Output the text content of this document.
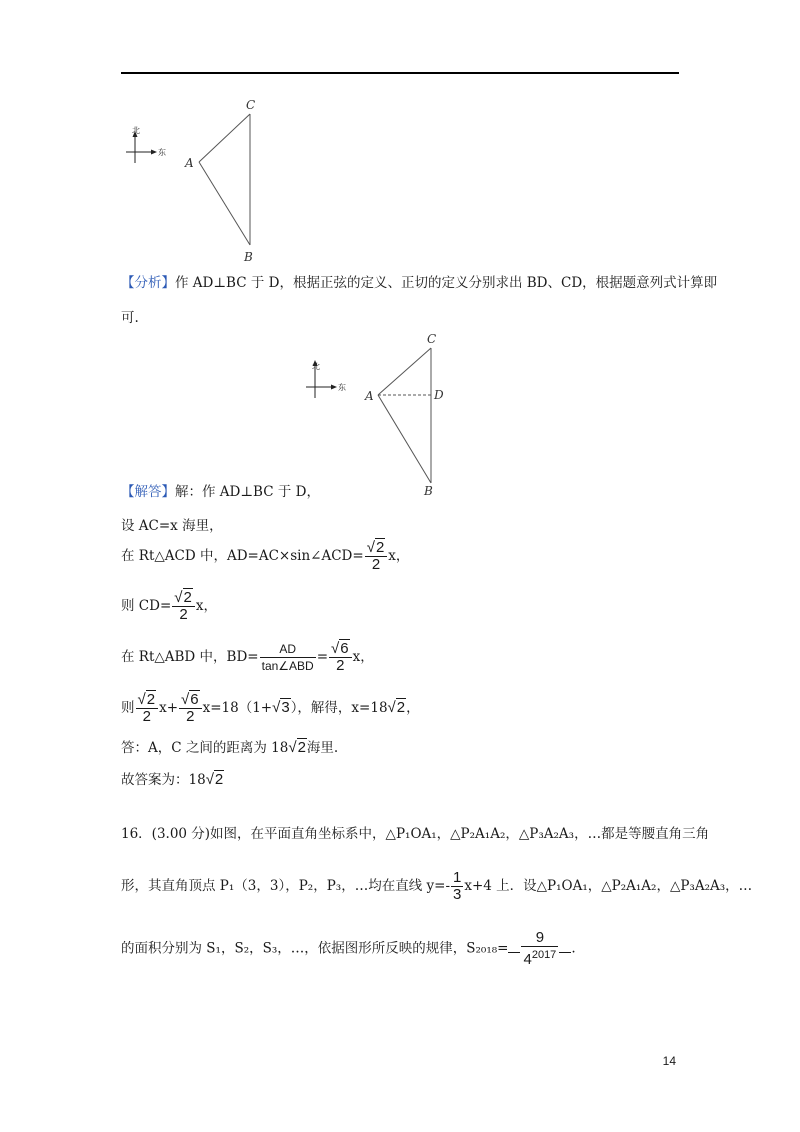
北
东
C
A
B
【分析】作 AD⊥BC 于 D，根据正弦的定义、正切的定义分别求出 BD、CD，根据题意列式计算即
可.
北
东
C
A	D
B
【解答】解：作 AD⊥BC 于 D，
设 AC=x 海里，
在 Rt△ACD 中，AD=AC×sin∠ACD= $\frac{√2}{2}$ x，
则 $CD= \frac{√2}{2}$ x，
在 Rt△ABD 中，$BD= \frac{AD}{\text{tan∠ABD}} = \frac{√6}{2}$ x，
则 $\frac{√2}{2} x+ \frac{√6}{2} x=18(1+√3)$，解得，x=18√2，
答：A，C 之间的距离为 18√2海里.
故答案为：18√2
16．(3.00 分)如图，在平面直角坐标系中，△P₁OA₁，△P₂A₁A₂，△P₃A₂A₃，…都是等腰直角三角
形，其直角顶点 P₁（3，3），P₂，P₃，…均在直线 $y=- \frac{1}{3} x+4$ 上．设△P₁OA₁，△P₂A₁A₂，△P₃A₂A₃，…
的面积分别为 S₁，S₂，S₃，…，依据图形所反映的规律，$S_{2018}= \frac{9}{4^{2017}}$ .
14
